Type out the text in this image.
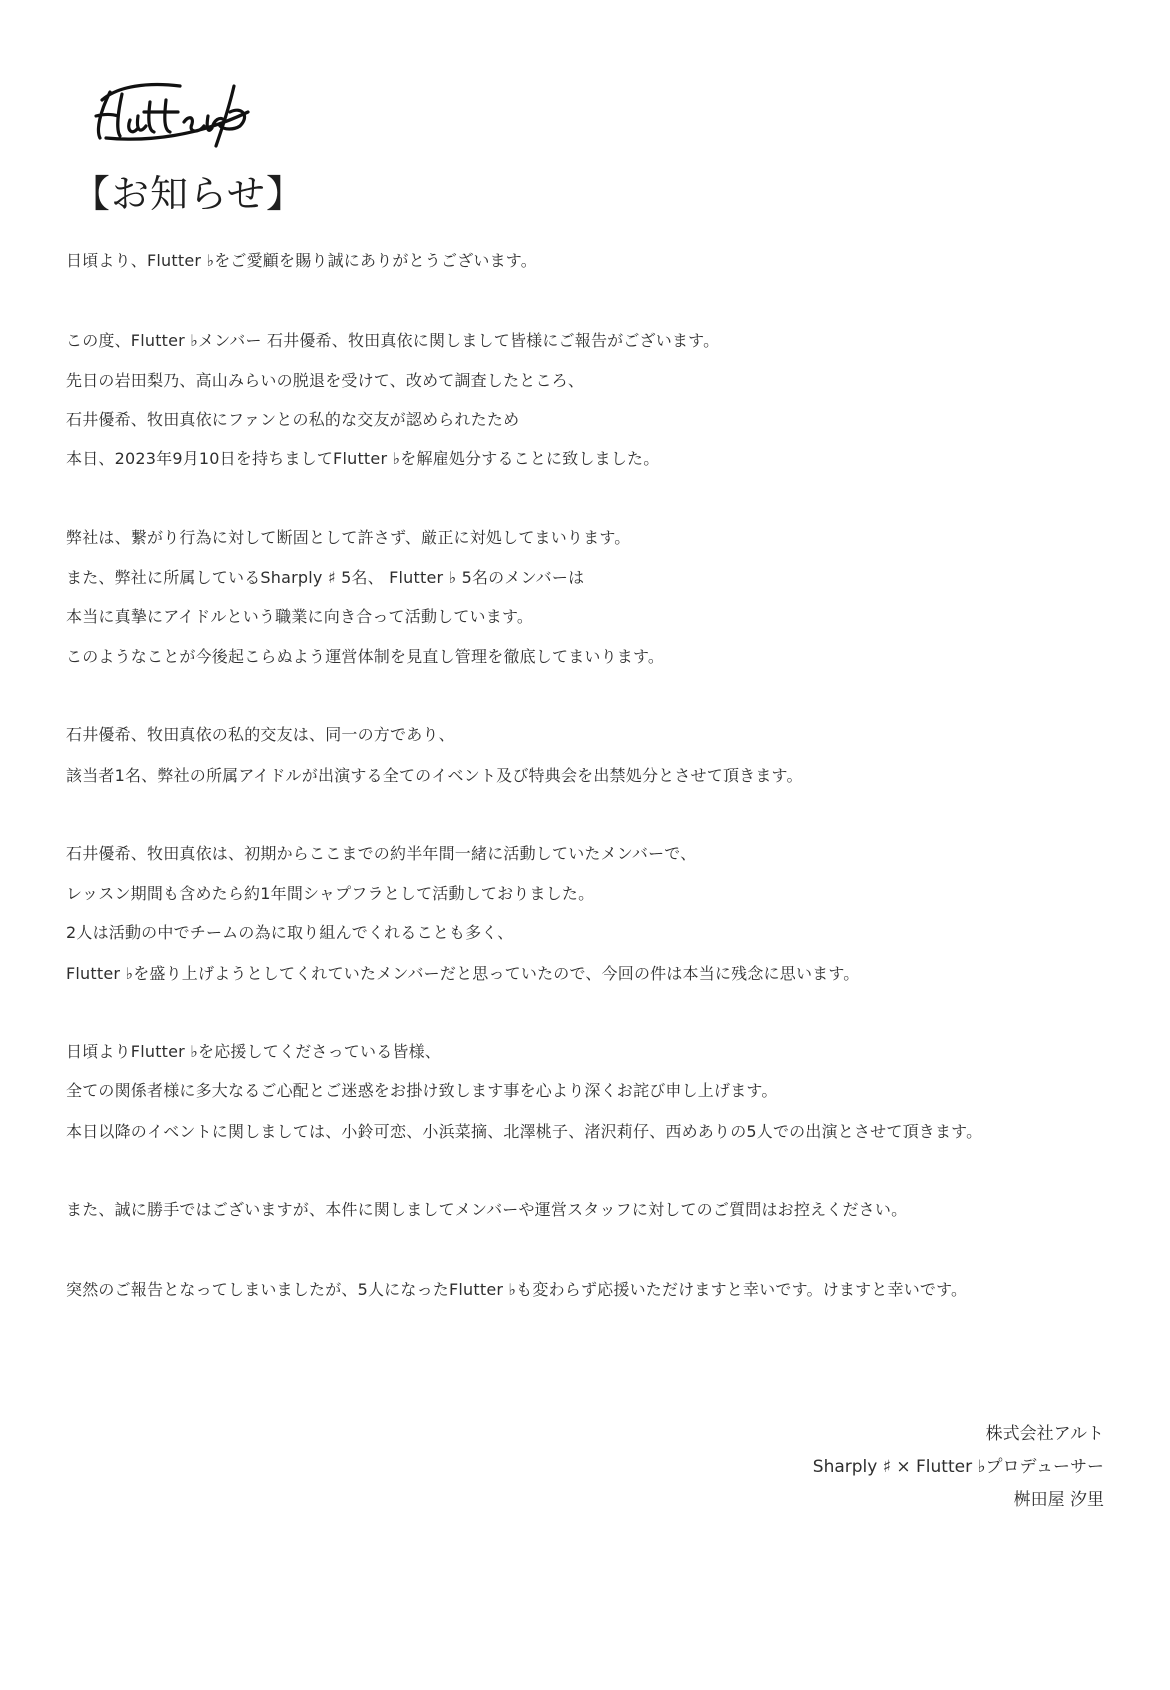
【お知らせ】
日頃より、Flutter ♭をご愛顧を賜り誠にありがとうございます。
この度、Flutter ♭メンバー 石井優希、牧田真依に関しまして皆様にご報告がございます。
先日の岩田梨乃、高山みらいの脱退を受けて、改めて調査したところ、
石井優希、牧田真依にファンとの私的な交友が認められたため
本日、2023年9月10日を持ちましてFlutter ♭を解雇処分することに致しました。
弊社は、繋がり行為に対して断固として許さず、厳正に対処してまいります。
また、弊社に所属しているSharply ♯ 5名、 Flutter ♭ 5名のメンバーは
本当に真摯にアイドルという職業に向き合って活動しています。
このようなことが今後起こらぬよう運営体制を見直し管理を徹底してまいります。
石井優希、牧田真依の私的交友は、同一の方であり、
該当者1名、弊社の所属アイドルが出演する全てのイベント及び特典会を出禁処分とさせて頂きます。
石井優希、牧田真依は、初期からここまでの約半年間一緒に活動していたメンバーで、
レッスン期間も含めたら約1年間シャプフラとして活動しておりました。
2人は活動の中でチームの為に取り組んでくれることも多く、
Flutter ♭を盛り上げようとしてくれていたメンバーだと思っていたので、今回の件は本当に残念に思います。
日頃よりFlutter ♭を応援してくださっている皆様、
全ての関係者様に多大なるご心配とご迷惑をお掛け致します事を心より深くお詫び申し上げます。
本日以降のイベントに関しましては、小鈴可恋、小浜菜摘、北澤桃子、渚沢莉仔、西めありの5人での出演とさせて頂きます。
また、誠に勝手ではございますが、本件に関しましてメンバーや運営スタッフに対してのご質問はお控えください。
突然のご報告となってしまいましたが、5人になったFlutter ♭も変わらず応援いただけますと幸いです。けますと幸いです。
株式会社アルト
Sharply ♯ × Flutter ♭プロデューサー
桝田屋 汐里
